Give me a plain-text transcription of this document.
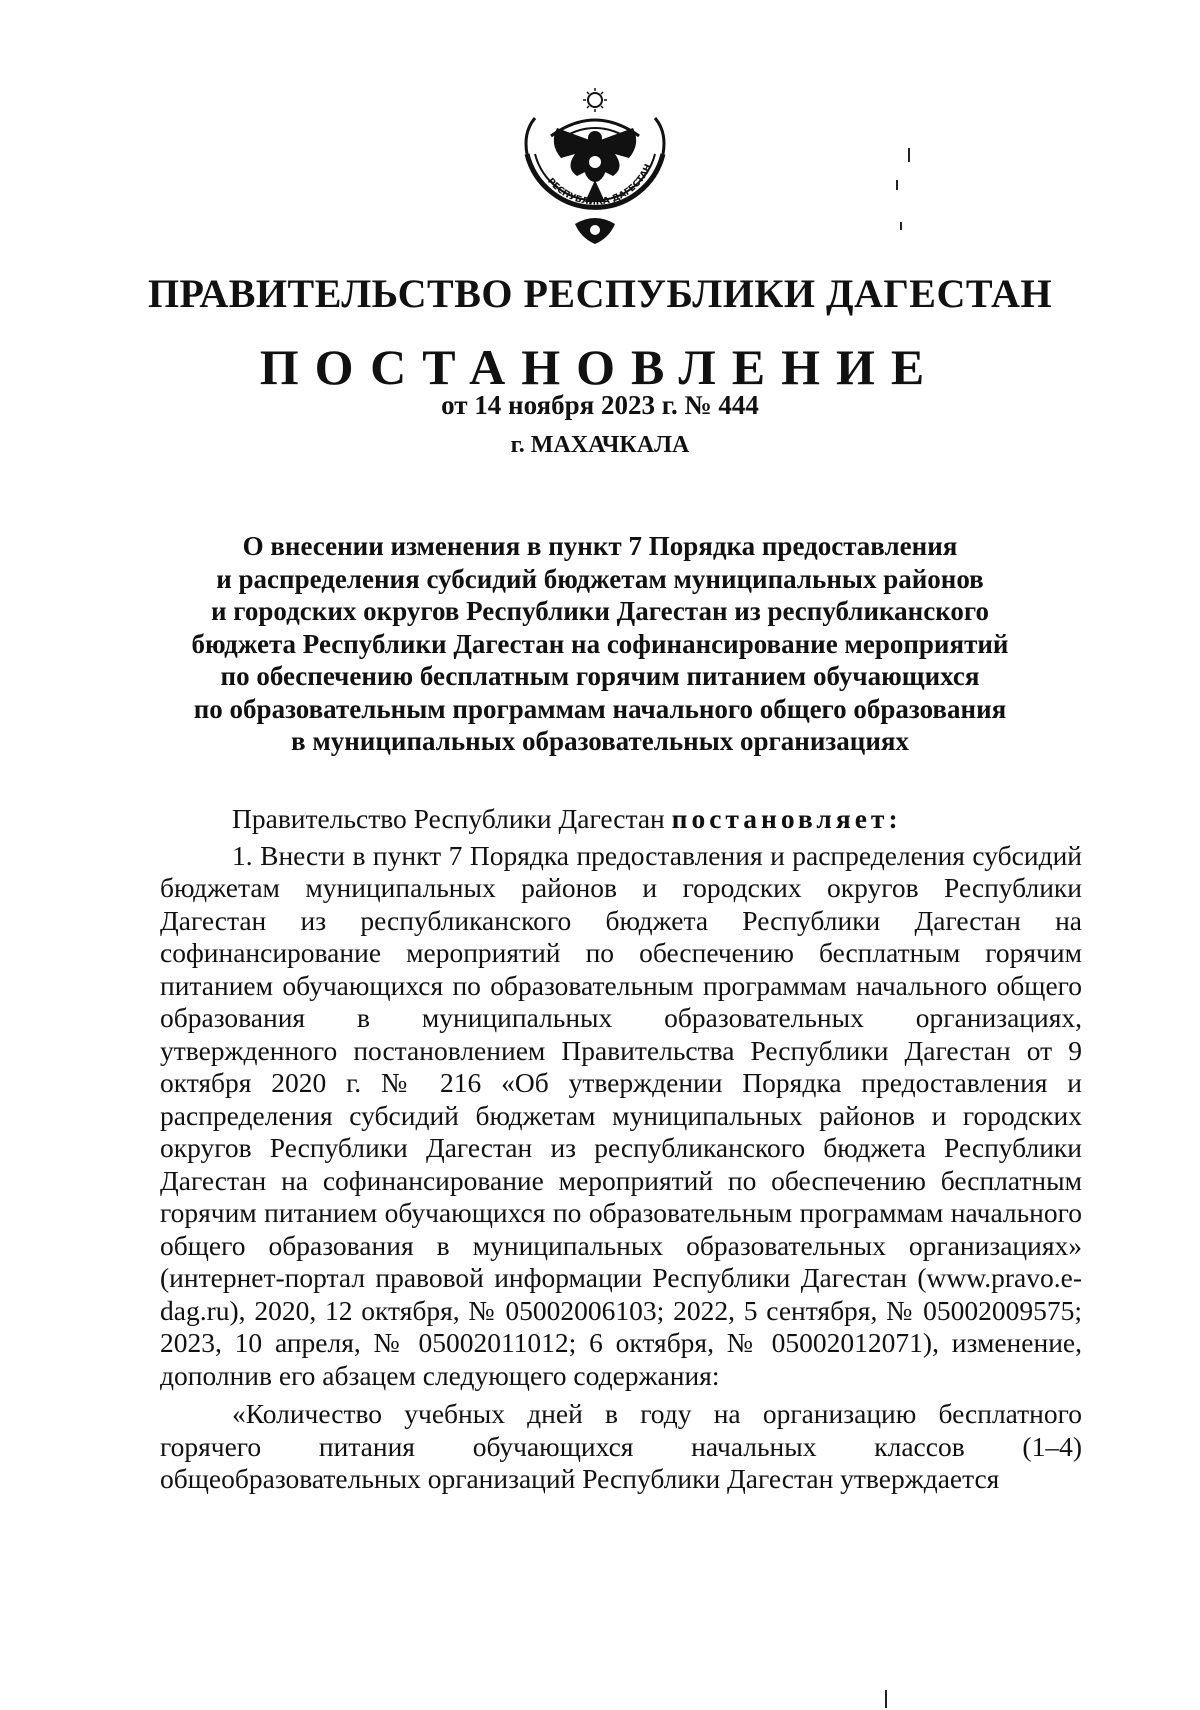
РЕСПУБЛИКА ДАГЕСТАН
ПРАВИТЕЛЬСТВО РЕСПУБЛИКИ ДАГЕСТАН
ПОСТАНОВЛЕНИЕ
от 14 ноября 2023 г. № 444
г. МАХАЧКАЛА
О внесении изменения в пункт 7 Порядка предоставления
и распределения субсидий бюджетам муниципальных районов
и городских округов Республики Дагестан из республиканского
бюджета Республики Дагестан на софинансирование мероприятий
по обеспечению бесплатным горячим питанием обучающихся
по образовательным программам начального общего образования
в муниципальных образовательных организациях

Правительство Республики Дагестан постановляет:

1. Внести в пункт 7 Порядка предоставления и распределения субсидий бюджетам муниципальных районов и городских округов Республики Дагестан из республиканского бюджета Республики Дагестан на софинансирование мероприятий по обеспечению бесплатным горячим питанием обучающихся по образовательным программам начального общего образования в муниципальных образовательных организациях, утвержденного постановлением Правительства Республики Дагестан от 9 октября 2020 г. № 216 «Об утверждении Порядка предоставления и распределения субсидий бюджетам муниципальных районов и городских округов Республики Дагестан из республиканского бюджета Республики Дагестан на софинансирование мероприятий по обеспечению бесплатным горячим питанием обучающихся по образовательным программам начального общего образования в муниципальных образовательных организациях» (интернет-портал правовой информации Республики Дагестан (www.pravo.e-dag.ru), 2020, 12 октября, № 05002006103; 2022, 5 сентября, № 05002009575; 2023, 10 апреля, № 05002011012; 6 октября, № 05002012071), изменение, дополнив его абзацем следующего содержания:

«Количество учебных дней в году на организацию бесплатного горячего питания обучающихся начальных классов (1–4) общеобразовательных организаций Республики Дагестан утверждается
